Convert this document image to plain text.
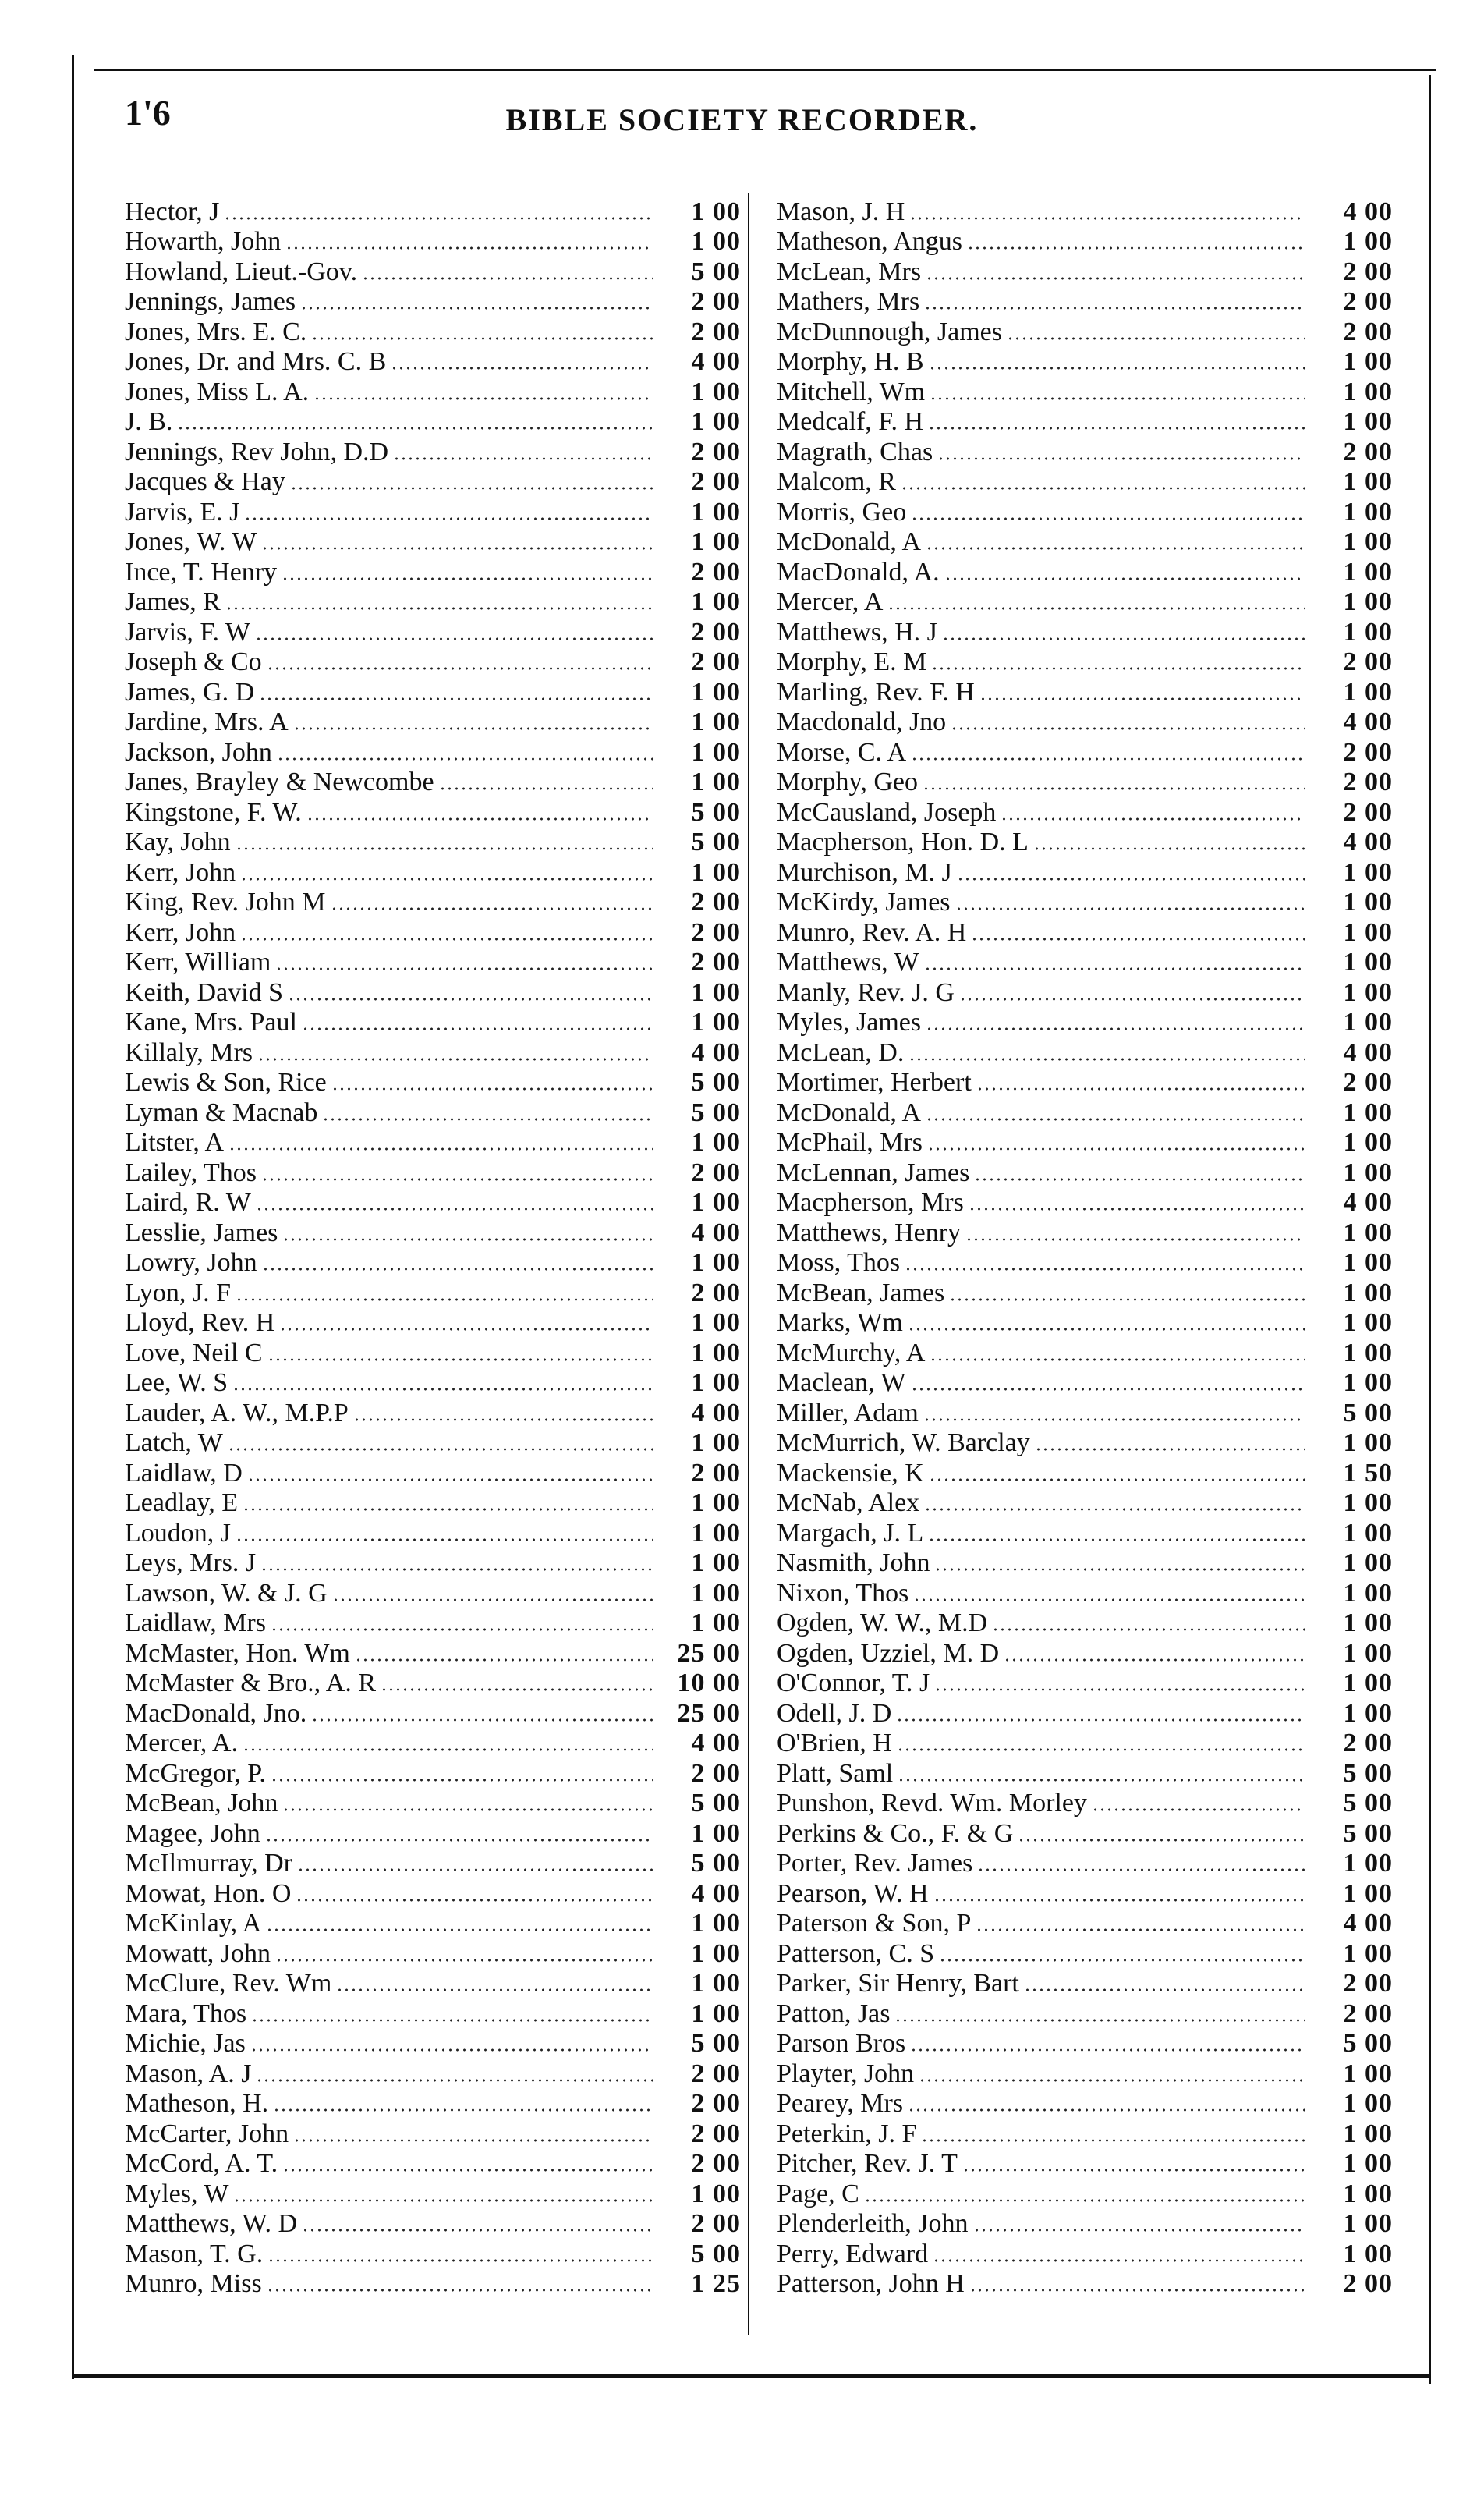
1'6	BIBLE SOCIETY RECORDER.
Hector, J	1 00
Howarth, John	1 00
Howland, Lieut.-Gov.	5 00
Jennings, James	2 00
Jones, Mrs. E. C.	2 00
Jones, Dr. and Mrs. C. B	4 00
Jones, Miss L. A.	1 00
J. B.	1 00
Jennings, Rev John, D.D	2 00
Jacques & Hay	2 00
Jarvis, E. J	1 00
Jones, W. W	1 00
Ince, T. Henry	2 00
James, R	1 00
Jarvis, F. W	2 00
Joseph & Co	2 00
James, G. D	1 00
Jardine, Mrs. A	1 00
Jackson, John	1 00
Janes, Brayley & Newcombe	1 00
Kingstone, F. W.	5 00
Kay, John	5 00
Kerr, John	1 00
King, Rev. John M	2 00
Kerr, John	2 00
Kerr, William	2 00
Keith, David S	1 00
Kane, Mrs. Paul	1 00
Killaly, Mrs	4 00
Lewis & Son, Rice	5 00
Lyman & Macnab	5 00
Litster, A	1 00
Lailey, Thos	2 00
Laird, R. W	1 00
Lesslie, James	4 00
Lowry, John	1 00
Lyon, J. F	2 00
Lloyd, Rev. H	1 00
Love, Neil C	1 00
Lee, W. S	1 00
Lauder, A. W., M.P.P	4 00
Latch, W	1 00
Laidlaw, D	2 00
Leadlay, E	1 00
Loudon, J	1 00
Leys, Mrs. J	1 00
Lawson, W. & J. G	1 00
Laidlaw, Mrs	1 00
McMaster, Hon. Wm	25 00
McMaster & Bro., A. R	10 00
MacDonald, Jno.	25 00
Mercer, A.	4 00
McGregor, P.	2 00
McBean, John	5 00
Magee, John	1 00
McIlmurray, Dr	5 00
Mowat, Hon. O	4 00
McKinlay, A	1 00
Mowatt, John	1 00
McClure, Rev. Wm	1 00
Mara, Thos	1 00
Michie, Jas	5 00
Mason, A. J	2 00
Matheson, H.	2 00
McCarter, John	2 00
McCord, A. T.	2 00
Myles, W	1 00
Matthews, W. D	2 00
Mason, T. G.	5 00
Munro, Miss	1 25
Mason, J. H	4 00
Matheson, Angus	1 00
McLean, Mrs	2 00
Mathers, Mrs	2 00
McDunnough, James	2 00
Morphy, H. B	1 00
Mitchell, Wm	1 00
Medcalf, F. H	1 00
Magrath, Chas	2 00
Malcom, R	1 00
Morris, Geo	1 00
McDonald, A	1 00
MacDonald, A.	1 00
Mercer, A	1 00
Matthews, H. J	1 00
Morphy, E. M	2 00
Marling, Rev. F. H	1 00
Macdonald, Jno	4 00
Morse, C. A	2 00
Morphy, Geo	2 00
McCausland, Joseph	2 00
Macpherson, Hon. D. L	4 00
Murchison, M. J	1 00
McKirdy, James	1 00
Munro, Rev. A. H	1 00
Matthews, W	1 00
Manly, Rev. J. G	1 00
Myles, James	1 00
McLean, D.	4 00
Mortimer, Herbert	2 00
McDonald, A	1 00
McPhail, Mrs	1 00
McLennan, James	1 00
Macpherson, Mrs	4 00
Matthews, Henry	1 00
Moss, Thos	1 00
McBean, James	1 00
Marks, Wm	1 00
McMurchy, A	1 00
Maclean, W	1 00
Miller, Adam	5 00
McMurrich, W. Barclay	1 00
Mackensie, K	1 50
McNab, Alex	1 00
Margach, J. L	1 00
Nasmith, John	1 00
Nixon, Thos	1 00
Ogden, W. W., M.D	1 00
Ogden, Uzziel, M. D	1 00
O'Connor, T. J	1 00
Odell, J. D	1 00
O'Brien, H	2 00
Platt, Saml	5 00
Punshon, Revd. Wm. Morley	5 00
Perkins & Co., F. & G	5 00
Porter, Rev. James	1 00
Pearson, W. H	1 00
Paterson & Son, P	4 00
Patterson, C. S	1 00
Parker, Sir Henry, Bart	2 00
Patton, Jas	2 00
Parson Bros	5 00
Playter, John	1 00
Pearey, Mrs	1 00
Peterkin, J. F	1 00
Pitcher, Rev. J. T	1 00
Page, C	1 00
Plenderleith, John	1 00
Perry, Edward	1 00
Patterson, John H	2 00
